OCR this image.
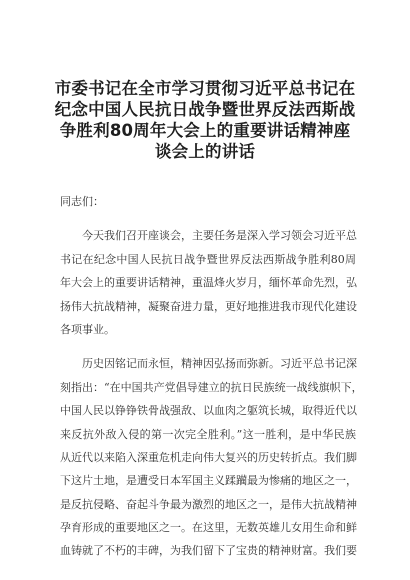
市委书记在全市学习贯彻习近平总书记在
纪念中国人民抗日战争暨世界反法西斯战
争胜利80周年大会上的重要讲话精神座
谈会上的讲话
同志们：
今天我们召开座谈会，主要任务是深入学习领会习近平总
书记在纪念中国人民抗日战争暨世界反法西斯战争胜利80周
年大会上的重要讲话精神，重温烽火岁月，缅怀革命先烈，弘
扬伟大抗战精神，凝聚奋进力量，更好地推进我市现代化建设
各项事业。
历史因铭记而永恒，精神因弘扬而弥新。习近平总书记深
刻指出：“在中国共产党倡导建立的抗日民族统一战线旗帜下，
中国人民以铮铮铁骨战强敌、以血肉之躯筑长城，取得近代以
来反抗外敌入侵的第一次完全胜利。”这一胜利，是中华民族
从近代以来陷入深重危机走向伟大复兴的历史转折点。我们脚
下这片土地，是遭受日本军国主义蹂躏最为惨痛的地区之一，
是反抗侵略、奋起斗争最为激烈的地区之一，是伟大抗战精神
孕育形成的重要地区之一。在这里，无数英雄儿女用生命和鲜
血铸就了不朽的丰碑，为我们留下了宝贵的精神财富。我们要
